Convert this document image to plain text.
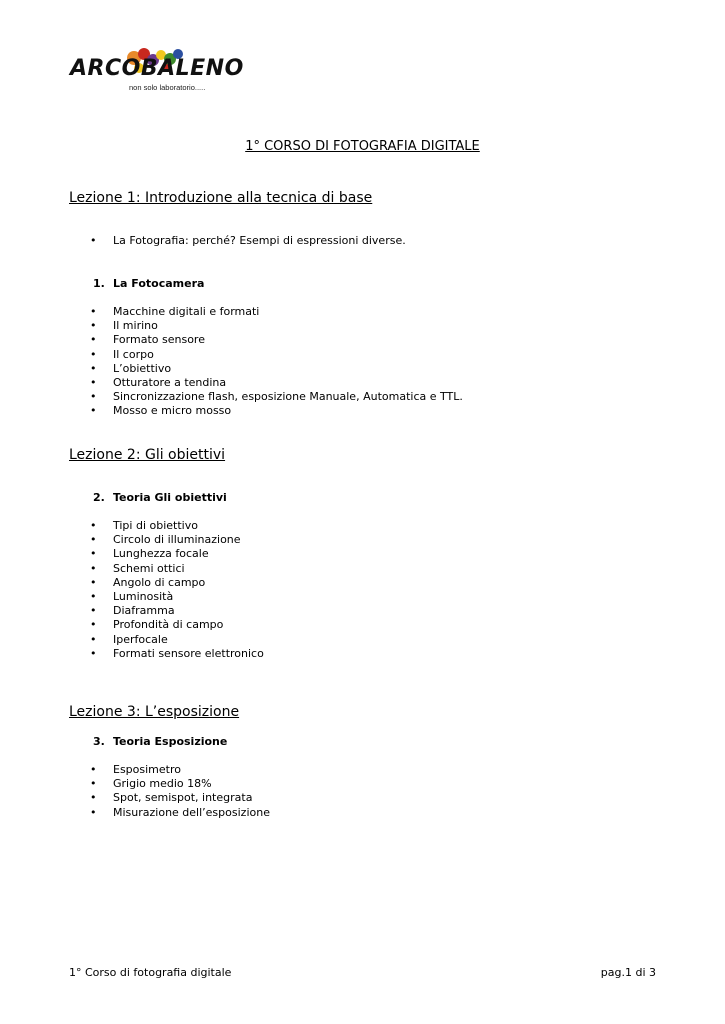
ARCOBALENO
non solo laboratorio.....
1° CORSO DI FOTOGRAFIA DIGITALE
Lezione 1: Introduzione alla tecnica di base
• La Fotografia: perché? Esempi di espressioni diverse.
1. La Fotocamera
• Macchine digitali e formati
• Il mirino
• Formato sensore
• Il corpo
• L’obiettivo
• Otturatore a tendina
• Sincronizzazione flash, esposizione Manuale, Automatica e TTL.
• Mosso e micro mosso
Lezione 2: Gli obiettivi
2. Teoria Gli obiettivi
• Tipi di obiettivo
• Circolo di illuminazione
• Lunghezza focale
• Schemi ottici
• Angolo di campo
• Luminosità
• Diaframma
• Profondità di campo
• Iperfocale
• Formati sensore elettronico
Lezione 3: L’esposizione
3. Teoria Esposizione
• Esposimetro
• Grigio medio 18%
• Spot, semispot, integrata
• Misurazione dell’esposizione
1° Corso di fotografia digitale	pag.1 di 3
